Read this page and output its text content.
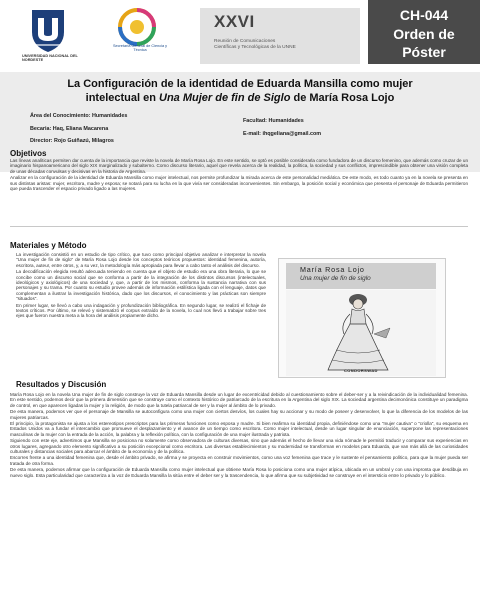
UNIVERSIDAD NACIONAL DEL NORDESTE
Secretaría General de Ciencia y Técnica
XXVI
Reunión de Comunicaciones
Científicas y Tecnológicas de la UNNE
CH-044
Orden de
Póster
La Configuración de la identidad de Eduarda Mansilla como mujer
intelectual en Una Mujer de fin de Siglo de María Rosa Lojo
Área del Conocimiento: Humanidades
Becaria: Haq, Eliana Macarena
Director: Rojo Guiñazú, Milagros
Facultad: Humanidades
E-mail: ihqgeliana@gmail.com
Objetivos

Las líneas analíticas permiten dar cuenta de la importancia que reviste la novela de María Rosa Lojo. En este sentido, se optó es posible considerarla como fundadora de un discurso femenino, que además como cruzar de un imaginario hispanoamericano del siglo XIX marginalizado y subalterno. Como discurso literario, aquel que revela acerca de la realidad, la política, la sociedad y sus conflictos, imprescindible para obtener una visión completa de unas décadas convulsas y decisivas en la historia de Argentina.

Analizar en la configuración de la identidad de Eduarda Mansilla como mujer intelectual, nos permite profundizar la mirada acerca de este personalidad mediática. De este modo, es todo cuanto ya en la novela se presenta en sus distintas aristas: mujer, escritora, madre y esposa; se notará para su lucha en la que vivía ser consideradas inconvenientes. Sin embargo, la posición social y económica que presenta el personaje de Eduarda permitieron que pueda trascender el espacio privado ligado a las mujeres.

Materiales y Método

La investigación consistió en un estudio de tipo crítico, que tuvo como principal objetivo analizar e interpretar la novela "Una mujer de fin de siglo" de María Rosa Lojo desde los conceptos teóricos propuestos: identidad femenina, autoría, escritora, auteur, entre otros, y, a su vez, la metodología más apropiada para llevar a cabo tanto el análisis del discurso.

La decodificación elegida resultó adecuada teniendo en cuenta que el objeto de estudio era una obra literaria, lo que se concibe como un discurso social que se conforma a partir de la integración de los distintos discursos (intelectuales, ideológicos y axiológicos) de una sociedad y, que, a partir de los mismos, conforma la sustancia narrativa con sus personajes y su trama. Por cuanto su estudio provee además de información estilística ligada con el lenguaje, datos que complementan a ilustrar la investigación histórica, dado que los discursos, el conocimiento y las prácticas son siempre "situados".

En primer lugar, se llevó a cabo una indagación y profundización bibliográfica. En segundo lugar, se realizó el fichaje de textos críticos. Por último, se relevó y sistematizó el corpus extraído de la novela, lo cual nos llevó a trabajar sobre tres ejes que fueron nuestra meta a la hora del análisis propiamente dicho.

María Rosa Lojo
Una mujer de fin de siglo
CONDORSWAD
Resultados y Discusión

María Rosa Lojo en la novela Una mujer de fin de siglo construye la voz de Eduarda Mansilla desde un lugar de excentricidad debido al cuestionamiento sobre el deber-ser y a la reivindicación de la individualidad femenina. En este sentido, podemos decir que la primera dimensión que se construye como el contexto histórico de patriarcado de la escritura en la Argentina del siglo XIX. La sociedad argentina decimonónica constituye un paradigma de control, en que aparecen ligadas la mujer y la religión, de modo que la tutela patriarcal de ser y la mujer al ámbito de lo privado.

De esta manera, podemos ver que el personaje de Mansilla se autoconfigura como una mujer con ciertos desvíos, los cuales hay su accionar y su modo de poseer y desenvolver, lo que la diferencia de los modelos de las mujeres patriarcas.

El principio, la protagonista se ajusta a los estereotipos prescriptos para las primeras funciones como esposa y madre. Si bien reafirma su identidad propia, definiéndose como una "mujer cautiva" o "criolla", su esquema en Estados Unidos va a fundar el intercambio que promueve el desplazamiento y el avance de un tiempo como escritora. Como mujer intelectual, desde un lugar singular de enunciación, superpone las representaciones masculinas de la mujer con la entrada de la acción, la palabra y la reflexión política, con la configuración de una mujer ilustrada y patriota.

Siguiendo con este eje, advertimos que Mansilla se posiciona no solamente como observadora de culturas diversas, sino que además el hecho de llevar una vida nómade le permitió traducir y comparar sus experiencias en otros lugares, agregando otro elemento significativo a su posición excepcional como escritora. Las diversas establecimientos y su modernidad se transforman en modelos para Eduarda, que van más allá de las curiosidades culturales y distancias sociales para abarcar el ámbito de la economía y de la política.

Escorres frente a una identidad femenina que, desde el ámbito privado, se afirma y se proyecta en construir movimientos, como una voz femenina que trace y le sustente el pensamiento político, para que la mujer pueda ser tratada de otra forma.

De esta manera, podemos afirmar que la configuración de Eduarda Mansilla como mujer intelectual que obtiene María Rosa lo posiciona como una mujer atípica, ubicada en un umbral y con una impronta que desdibuja en nuevo siglo. Esta particularidad que caracteriza a la voz de Eduarda Mansilla la sitúa entre el deber ser y la trascendencia, lo que afirma que su subjetividad se construye en el intersticio entre lo privado y lo público.
